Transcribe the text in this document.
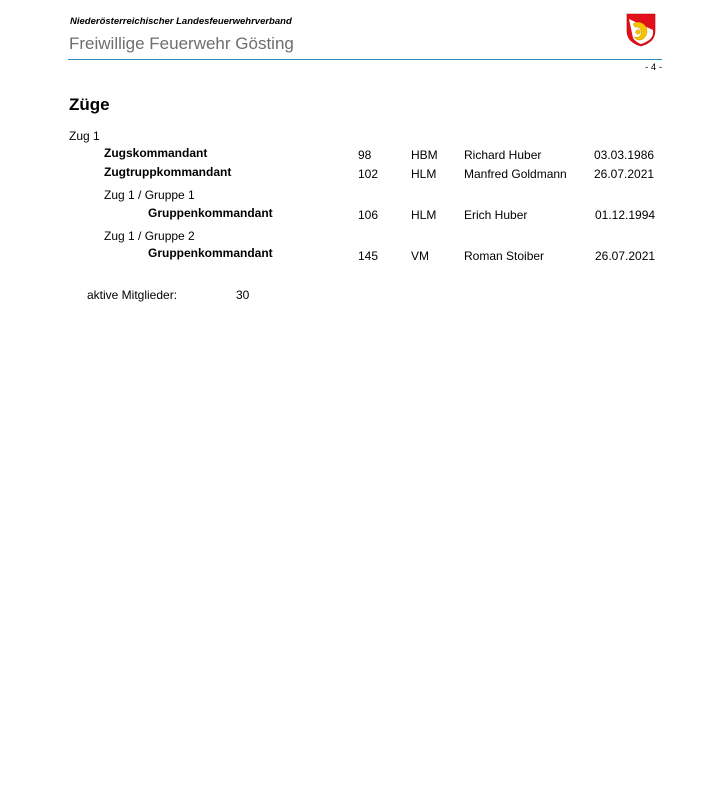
Niederösterreichischer Landesfeuerwehrverband
Freiwillige Feuerwehr Gösting
- 4 -
Züge
Zug 1
Zugskommandant	98	HBM Richard Huber	03.03.1986
Zugtruppkommandant	102	HLM Manfred Goldmann 26.07.2021
Zug 1 / Gruppe 1
Gruppenkommandant	106	HLM Erich Huber	01.12.1994
Zug 1 / Gruppe 2
Gruppenkommandant	145	VM	Roman Stoiber	26.07.2021
aktive Mitglieder:	30
